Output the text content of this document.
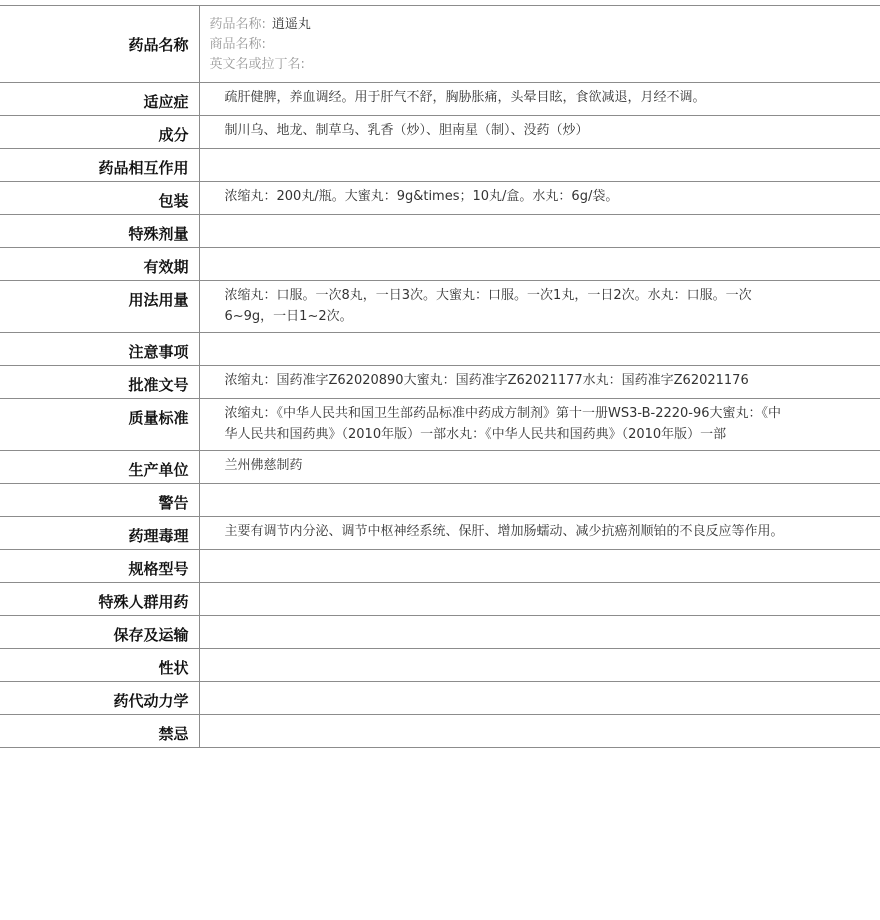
药品名称	药品名称: 逍遥丸
商品名称:
英文名或拉丁名:

适应症	疏肝健脾，养血调经。用于肝气不舒，胸胁胀痛，头晕目眩，食欲减退，月经不调。
成分	制川乌、地龙、制草乌、乳香（炒）、胆南星（制）、没药（炒）
药品相互作用	
包装	浓缩丸：200丸/瓶。大蜜丸：9g&times；10丸/盒。水丸：6g/袋。
特殊剂量	
有效期	
用法用量	浓缩丸：口服。一次8丸，一日3次。大蜜丸：口服。一次1丸，一日2次。水丸：口服。一次6~9g，一日1~2次。
注意事项	
批准文号	浓缩丸：国药准字Z62020890大蜜丸：国药准字Z62021177水丸：国药准字Z62021176
质量标准	浓缩丸：《中华人民共和国卫生部药品标准中药成方制剂》第十一册WS3-B-2220-96大蜜丸：《中华人民共和国药典》（2010年版）一部水丸：《中华人民共和国药典》（2010年版）一部
生产单位	兰州佛慈制药
警告	
药理毒理	主要有调节内分泌、调节中枢神经系统、保肝、增加肠蠕动、减少抗癌剂顺铂的不良反应等作用。
规格型号	
特殊人群用药	
保存及运输	
性状	
药代动力学	
禁忌	
